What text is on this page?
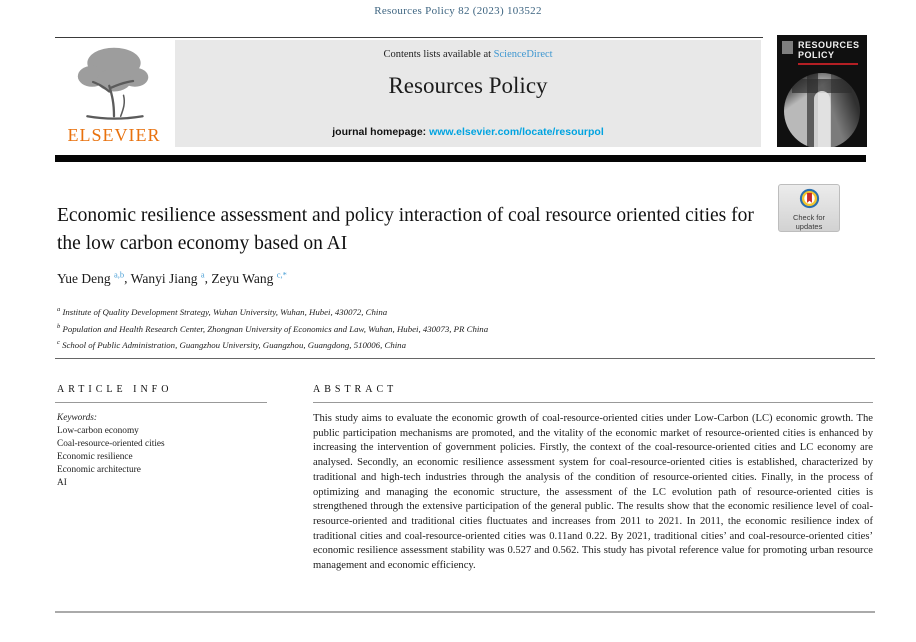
Resources Policy 82 (2023) 103522
ELSEVIER
Contents lists available at ScienceDirect
Resources Policy
journal homepage: www.elsevier.com/locate/resourpol
RESOURCES POLICY
Check for
updates
Economic resilience assessment and policy interaction of coal resource oriented cities for the low carbon economy based on AI
Yue Deng $^{a,b}$, Wanyi Jiang $^a$, Zeyu Wang $^{c,*}$
$^a$ Institute of Quality Development Strategy, Wuhan University, Wuhan, Hubei, 430072, China
$^b$ Population and Health Research Center, Zhongnan University of Economics and Law, Wuhan, Hubei, 430073, PR China
$^c$ School of Public Administration, Guangzhou University, Guangzhou, Guangdong, 510006, China
ARTICLE INFO
Keywords:
Low-carbon economy
Coal-resource-oriented cities
Economic resilience
Economic architecture
AI
ABSTRACT
This study aims to evaluate the economic growth of coal-resource-oriented cities under Low-Carbon (LC) economic growth. The public participation mechanisms are promoted, and the vitality of the economic market of resource-oriented cities is enhanced by increasing the intervention of government policies. Firstly, the context of the coal-resource-oriented cities and LC economy are analysed. Secondly, an economic resilience assessment system for coal-resource-oriented cities is established, characterized by traditional and high-tech industries through the analysis of the condition of resource-oriented cities. Finally, in the process of optimizing and managing the economic structure, the assessment of the LC evolution path of resource-oriented cities is strengthened through the extensive participation of the general public. The results show that the economic resilience level of coal-resource-oriented and traditional cities fluctuates and increases from 2011 to 2021. In 2011, the economic resilience index of traditional cities and coal-resource-oriented cities was 0.11and 0.22. By 2021, traditional cities’ and coal-resource-oriented cities’ economic resilience assessment stability was 0.527 and 0.562. This study has pivotal reference value for promoting urban resource management and economic efficiency.
